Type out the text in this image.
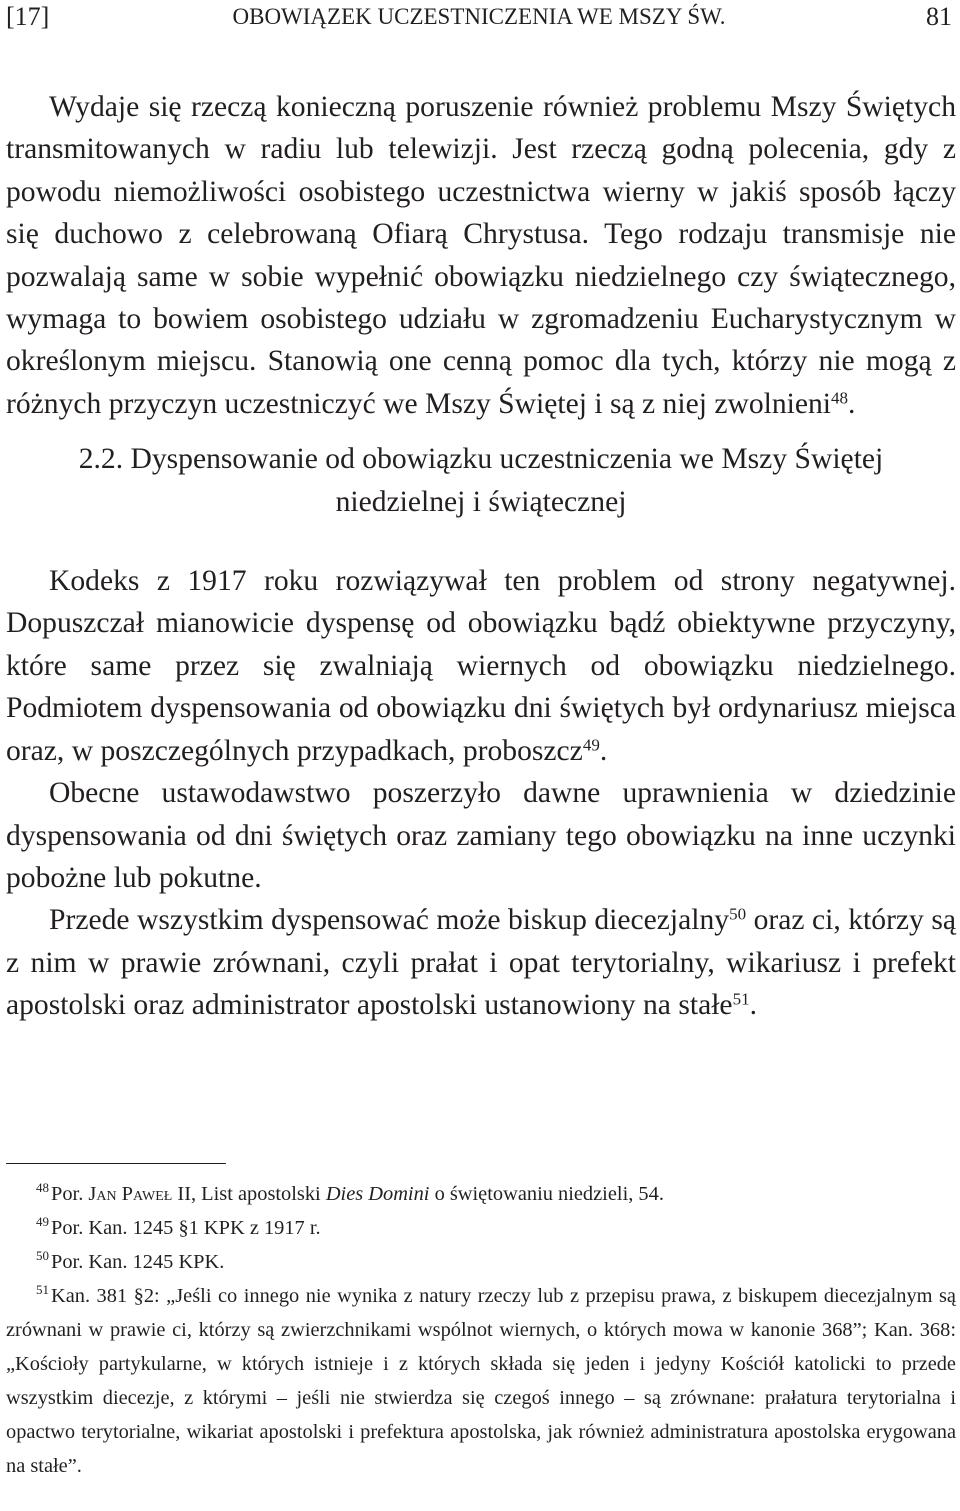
[17]	OBOWIĄZEK UCZESTNICZENIA WE MSZY ŚW.	81

Wydaje się rzeczą konieczną poruszenie również problemu Mszy Świętych transmitowanych w radiu lub telewizji. Jest rzeczą godną polecenia, gdy z powodu niemożliwości osobistego uczestnictwa wierny w jakiś sposób łączy się duchowo z celebrowaną Ofiarą Chrystusa. Tego rodzaju transmisje nie pozwalają same w sobie wypełnić obowiązku niedzielnego czy świątecznego, wymaga to bowiem osobistego udziału w zgromadzeniu Eucharystycznym w określonym miejscu. Stanowią one cenną pomoc dla tych, którzy nie mogą z różnych przyczyn uczestniczyć we Mszy Świętej i są z niej zwolnieni$^{48}$.

2.2. Dyspensowanie od obowiązku uczestniczenia we Mszy Świętej
niedzielnej i świątecznej

Kodeks z 1917 roku rozwiązywał ten problem od strony negatywnej. Dopuszczał mianowicie dyspensę od obowiązku bądź obiektywne przyczyny, które same przez się zwalniają wiernych od obowiązku niedzielnego. Podmiotem dyspensowania od obowiązku dni świętych był ordynariusz miejsca oraz, w poszczególnych przypadkach, proboszcz$^{49}$.

Obecne ustawodawstwo poszerzyło dawne uprawnienia w dziedzinie dyspensowania od dni świętych oraz zamiany tego obowiązku na inne uczynki pobożne lub pokutne.

Przede wszystkim dyspensować może biskup diecezjalny$^{50}$ oraz ci, którzy są z nim w prawie zrównani, czyli prałat i opat terytorialny, wikariusz i prefekt apostolski oraz administrator apostolski ustanowiony na stałe$^{51}$.

$^{48}$Por. Jan Paweł II, List apostolski Dies Domini o świętowaniu niedzieli, 54.

$^{49}$Por. Kan. 1245 §1 KPK z 1917 r.

$^{50}$Por. Kan. 1245 KPK.

$^{51}$Kan. 381 §2: „Jeśli co innego nie wynika z natury rzeczy lub z przepisu prawa, z biskupem diecezjalnym są zrównani w prawie ci, którzy są zwierzchnikami wspólnot wiernych, o których mowa w kanonie 368”; Kan. 368: „Kościoły partykularne, w których istnieje i z których składa się jeden i jedyny Kościół katolicki to przede wszystkim diecezje, z którymi – jeśli nie stwierdza się czegoś innego – są zrównane: prałatura terytorialna i opactwo terytorialne, wikariat apostolski i prefektura apostolska, jak również administratura apostolska erygowana na stałe”.
